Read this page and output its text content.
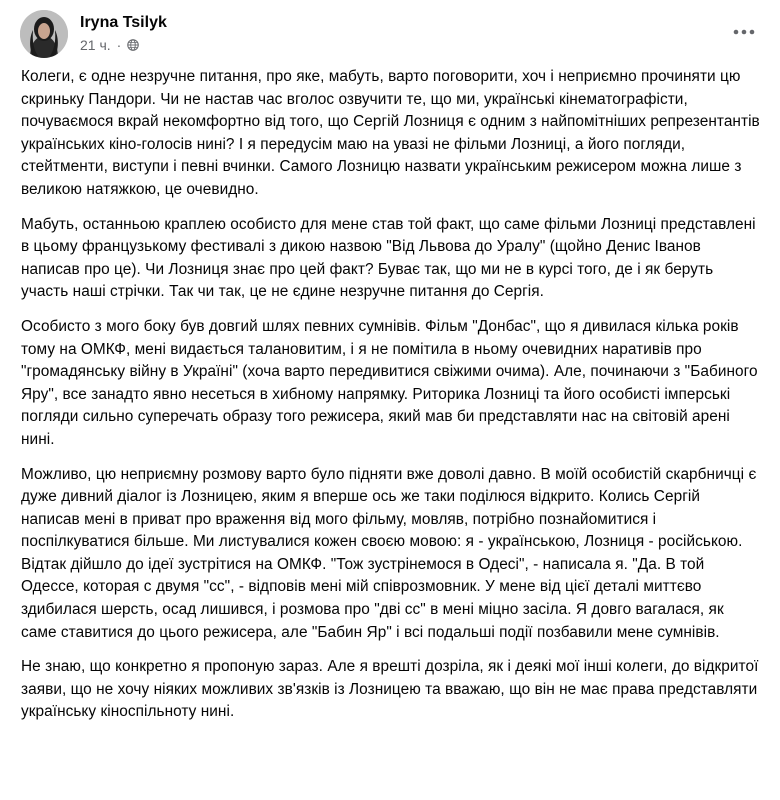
Iryna Tsilyk
21 ч. ·

Колеги, є одне незручне питання, про яке, мабуть, варто поговорити, хоч і неприємно прочиняти цю скриньку Пандори. Чи не настав час вголос озвучити те, що ми, українські кінематографісти, почуваємося вкрай некомфортно від того, що Сергій Лозниця є одним з найпомітніших репрезентантів українських кіно-голосів нині? І я передусім маю на увазі не фільми Лозниці, а його погляди, стейтменти, виступи і певні вчинки. Самого Лозницю назвати українським режисером можна лише з великою натяжкою, це очевидно.

Мабуть, останньою краплею особисто для мене став той факт, що саме фільми Лозниці представлені в цьому французькому фестивалі з дикою назвою "Від Львова до Уралу" (щойно Денис Іванов написав про це). Чи Лозниця знає про цей факт? Буває так, що ми не в курсі того, де і як беруть участь наші стрічки. Так чи так, це не єдине незручне питання до Сергія.

Особисто з мого боку був довгий шлях певних сумнівів. Фільм "Донбас", що я дивилася кілька років тому на ОМКФ, мені видається талановитим, і я не помітила в ньому очевидних наративів про "громадянську війну в Україні" (хоча варто передивитися свіжими очима). Але, починаючи з "Бабиного Яру", все занадто явно несеться в хибному напрямку. Риторика Лозниці та його особисті імперські погляди сильно суперечать образу того режисера, який мав би представляти нас на світовій арені нині.

Можливо, цю неприємну розмову варто було підняти вже доволі давно. В моїй особистій скарбничці є дуже дивний діалог із Лозницею, яким я вперше ось же таки поділюся відкрито. Колись Сергій написав мені в приват про враження від мого фільму, мовляв, потрібно познайомитися і поспілкуватися більше. Ми листувалися кожен своєю мовою: я - українською, Лозниця - російською. Відтак дійшло до ідеї зустрітися на ОМКФ. "Тож зустрінемося в Одесі", - написала я. "Да. В той Одессе, которая с двумя "сс", - відповів мені мій співрозмовник. У мене від цієї деталі миттєво здибилася шерсть, осад лишився, і розмова про "дві сс" в мені міцно засіла. Я довго вагалася, як саме ставитися до цього режисера, але "Бабин Яр" і всі подальші події позбавили мене сумнівів.

Не знаю, що конкретно я пропоную зараз. Але я врешті дозріла, як і деякі мої інші колеги, до відкритої заяви, що не хочу ніяких можливих зв'язків із Лозницею та вважаю, що він не має права представляти українську кіноспільноту нині.
